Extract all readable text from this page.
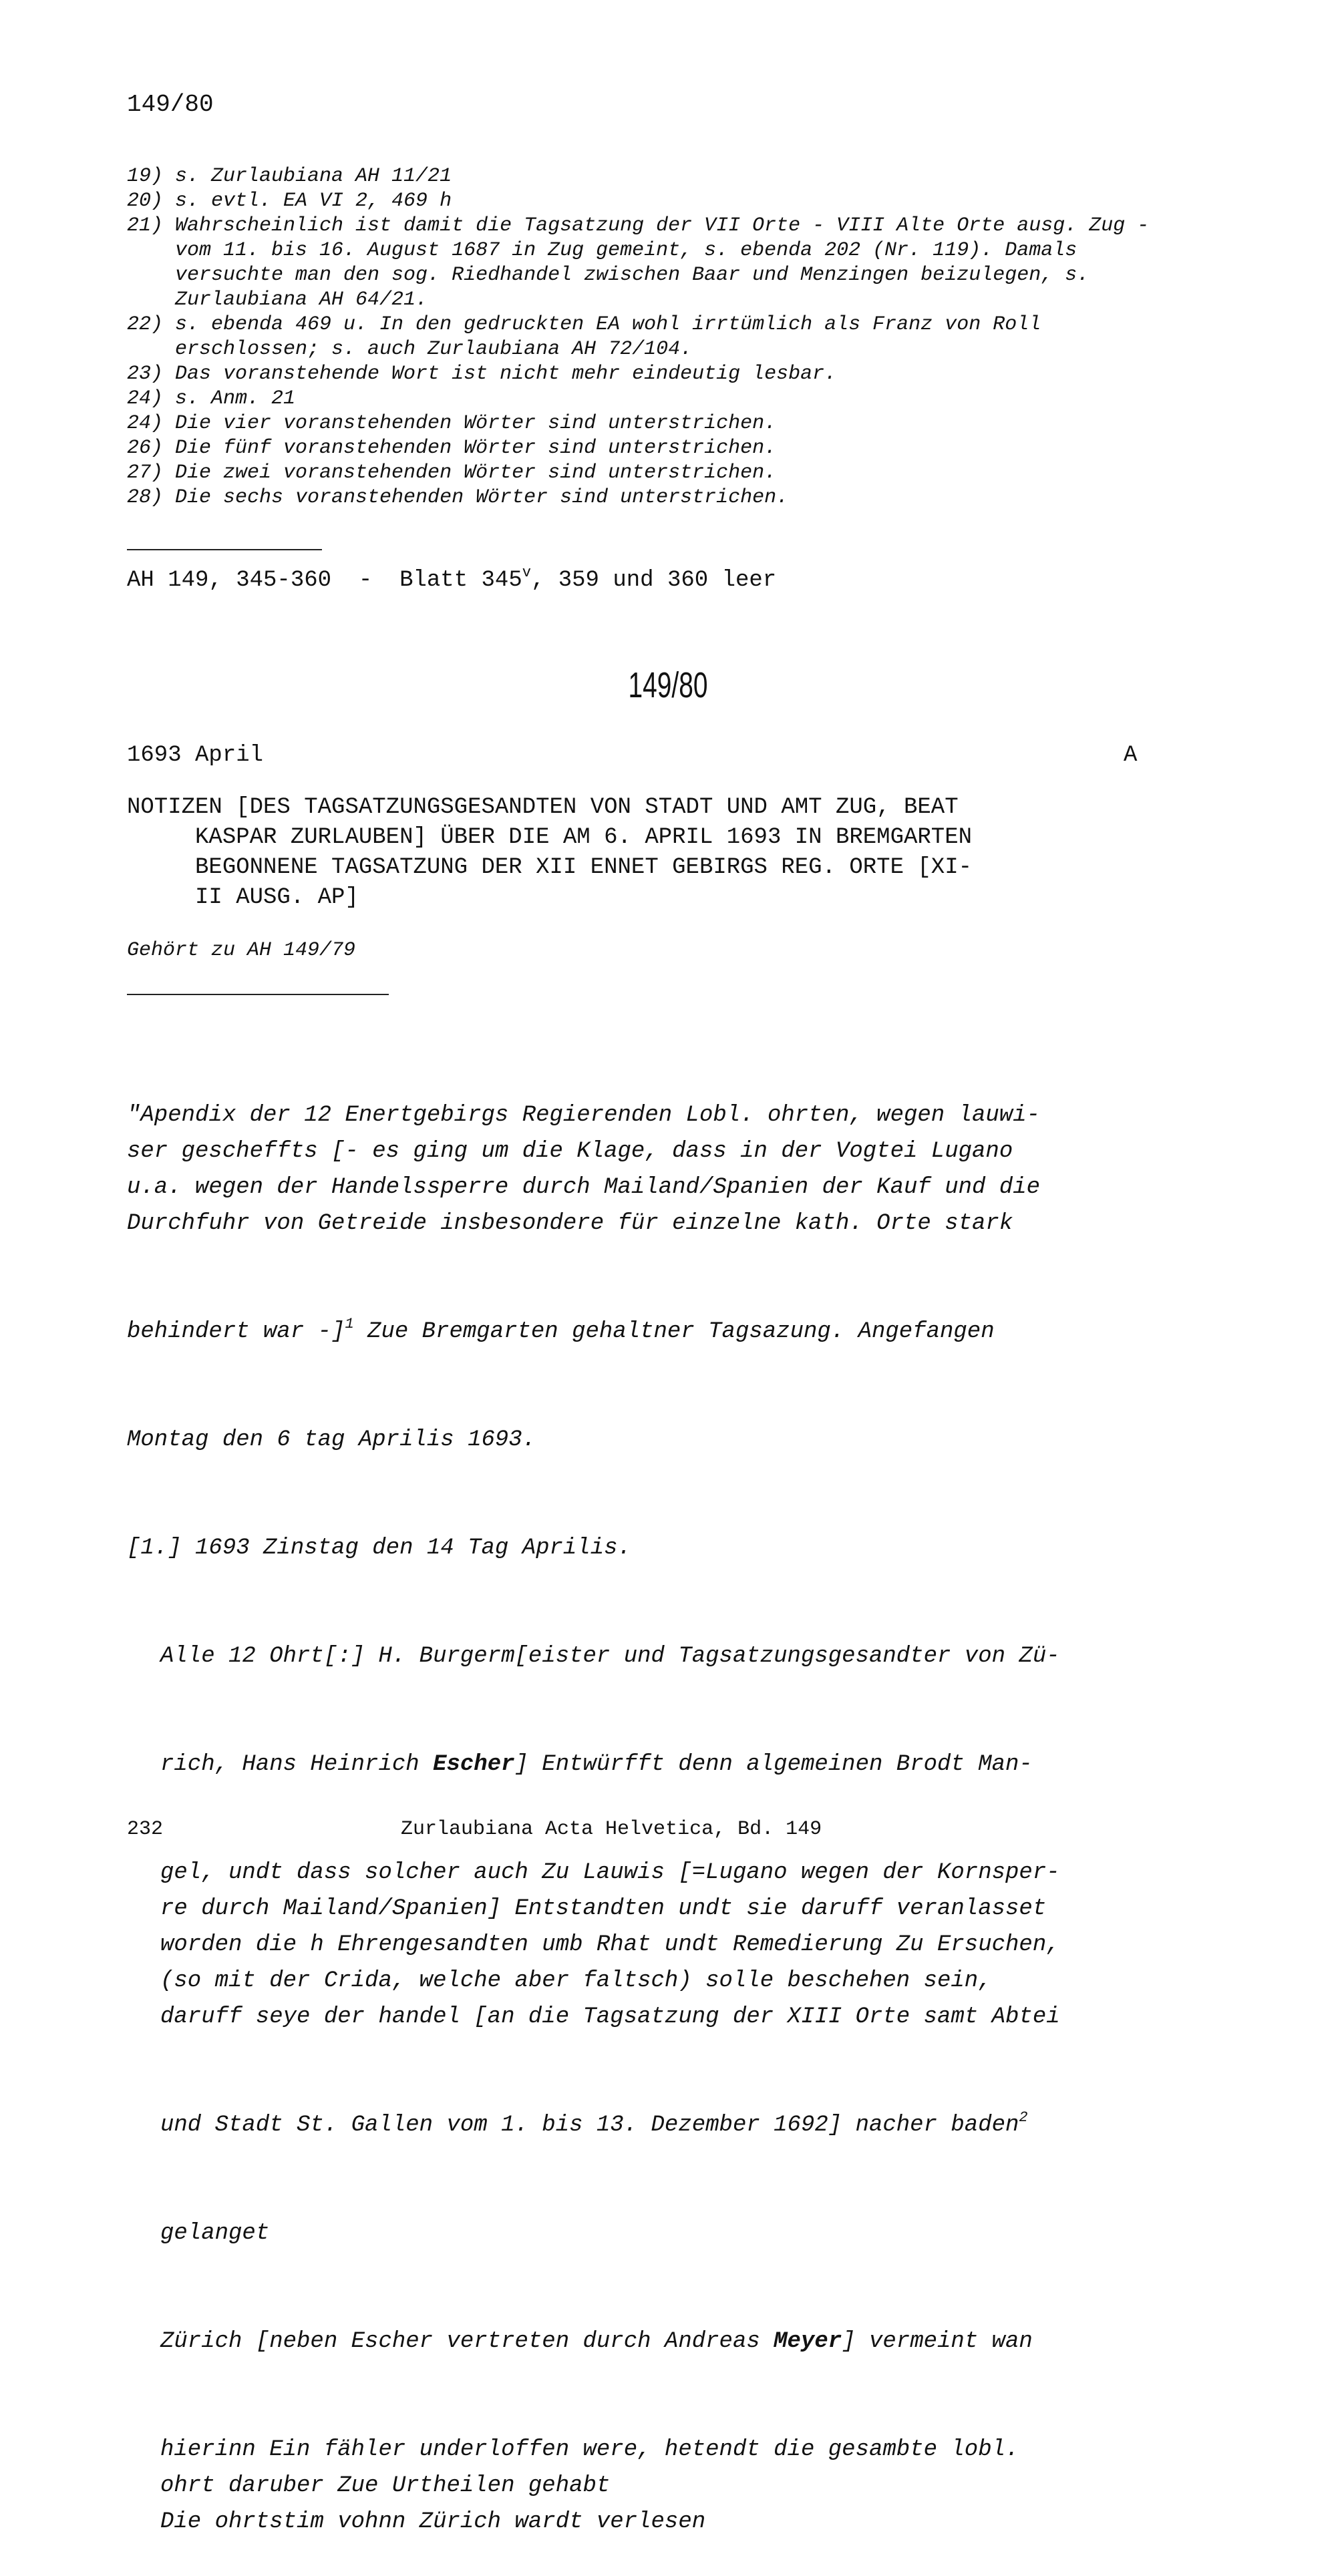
149/80
19) s. Zurlaubiana AH 11/21
20) s. evtl. EA VI 2, 469 h
21) Wahrscheinlich ist damit die Tagsatzung der VII Orte - VIII Alte Orte ausg. Zug - vom 11. bis 16. August 1687 in Zug gemeint, s. ebenda 202 (Nr. 119). Damals versuchte man den sog. Riedhandel zwischen Baar und Menzingen beizulegen, s. Zurlaubiana AH 64/21.
22) s. ebenda 469 u. In den gedruckten EA wohl irrtümlich als Franz von Roll erschlossen; s. auch Zurlaubiana AH 72/104.
23) Das voranstehende Wort ist nicht mehr eindeutig lesbar.
24) s. Anm. 21
24) Die vier voranstehenden Wörter sind unterstrichen.
26) Die fünf voranstehenden Wörter sind unterstrichen.
27) Die zwei voranstehenden Wörter sind unterstrichen.
28) Die sechs voranstehenden Wörter sind unterstrichen.
AH 149, 345-360 - Blatt 345$^v$, 359 und 360 leer
149/80
1693 April	A
NOTIZEN [DES TAGSATZUNGSGESANDTEN VON STADT UND AMT ZUG, BEAT
KASPAR ZURLAUBEN] ÜBER DIE AM 6. APRIL 1693 IN BREMGARTEN
BEGONNENE TAGSATZUNG DER XII ENNET GEBIRGS REG. ORTE [XI-
II AUSG. AP]
Gehört zu AH 149/79

"Apendix der 12 Enertgebirgs Regierenden Lobl. ohrten, wegen lauwi-
ser gescheffts [- es ging um die Klage, dass in der Vogtei Lugano
u.a. wegen der Handelssperre durch Mailand/Spanien der Kauf und die
Durchfuhr von Getreide insbesondere für einzelne kath. Orte stark

behindert war -]$^1$ Zue Bremgarten gehaltner Tagsazung. Angefangen

Montag den 6 tag Aprilis 1693.

[1.] 1693 Zinstag den 14 Tag Aprilis.

Alle 12 Ohrt[:] H. Burgerm[eister und Tagsatzungsgesandter von Zü-

rich, Hans Heinrich Escher] Entwürfft denn algemeinen Brodt Man-

gel, undt dass solcher auch Zu Lauwis [=Lugano wegen der Kornsper-
re durch Mailand/Spanien] Entstandten undt sie daruff veranlasset
worden die h Ehrengesandten umb Rhat undt Remedierung Zu Ersuchen,
(so mit der Crida, welche aber faltsch) solle beschehen sein,
daruff seye der handel [an die Tagsatzung der XIII Orte samt Abtei

und Stadt St. Gallen vom 1. bis 13. Dezember 1692] nacher baden$^2$

gelanget

Zürich [neben Escher vertreten durch Andreas Meyer] vermeint wan

hierinn Ein fähler underloffen were, hetendt die gesambte lobl.
ohrt daruber Zue Urtheilen gehabt
Die ohrtstim vohnn Zürich wardt verlesen

232	Zurlaubiana Acta Helvetica, Bd. 149
